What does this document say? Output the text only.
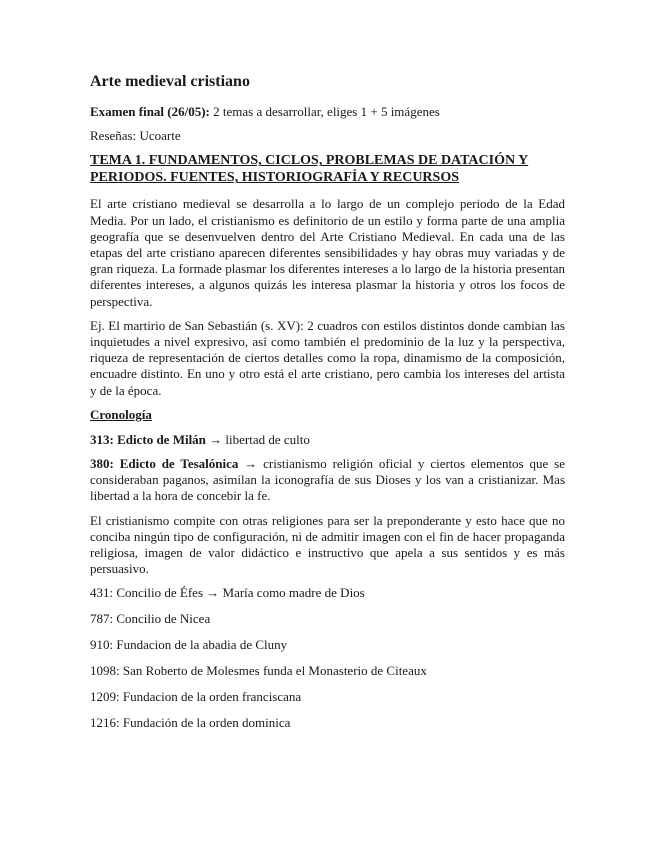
Arte medieval cristiano

Examen final (26/05): 2 temas a desarrollar, eliges 1 + 5 imágenes

Reseñas: Ucoarte

TEMA 1. FUNDAMENTOS, CICLOS, PROBLEMAS DE DATACIÓN Y PERIODOS. FUENTES, HISTORIOGRAFÍA Y RECURSOS

El arte cristiano medieval se desarrolla a lo largo de un complejo periodo de la Edad Media. Por un lado, el cristianismo es definitorio de un estilo y forma parte de una amplia geografía que se desenvuelven dentro del Arte Cristiano Medieval. En cada una de las etapas del arte cristiano aparecen diferentes sensibilidades y hay obras muy variadas y de gran riqueza. La formade plasmar los diferentes intereses a lo largo de la historia presentan diferentes intereses, a algunos quizás les interesa plasmar la historia y otros los focos de perspectiva.

Ej. El martirio de San Sebastián (s. XV): 2 cuadros con estilos distintos donde cambian las inquietudes a nivel expresivo, así como también el predominio de la luz y la perspectiva, riqueza de representación de ciertos detalles como la ropa, dinamismo de la composición, encuadre distinto. En uno y otro está el arte cristiano, pero cambia los intereses del artista y de la época.

Cronología

313: Edicto de Milán → libertad de culto

380: Edicto de Tesalónica → cristianismo religión oficial y ciertos elementos que se consideraban paganos, asimilan la iconografía de sus Dioses y los van a cristianizar. Mas libertad a la hora de concebir la fe.

El cristianismo compite con otras religiones para ser la preponderante y esto hace que no conciba ningún tipo de configuración, ni de admitir imagen con el fin de hacer propaganda religiosa, imagen de valor didáctico e instructivo que apela a sus sentidos y es más persuasivo.

431: Concilio de Éfes → María como madre de Dios
787: Concilio de Nicea
910: Fundacion de la abadia de Cluny
1098: San Roberto de Molesmes funda el Monasterio de Citeaux
1209: Fundacion de la orden franciscana
1216: Fundación de la orden dominica
